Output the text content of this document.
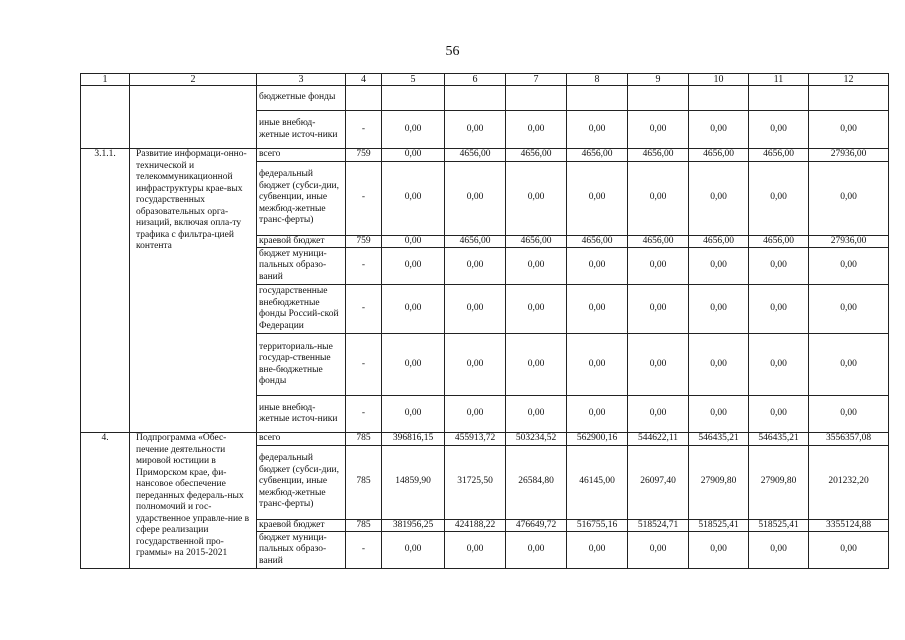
56
1	2	3	4	5	6	7	8	9	10	11	12
		бюджетные фонды									
		иные внебюд-жетные источ-ники	-	0,00	0,00	0,00	0,00	0,00	0,00	0,00	0,00
3.1.1.	Развитие информаци-онно-технической и телекоммуникационной инфраструктуры крае-вых государственных образовательных орга-низаций, включая опла-ту трафика с фильтра-цией контента	всего	759	0,00	4656,00	4656,00	4656,00	4656,00	4656,00	4656,00	27936,00
		федеральный бюджет (субси-дии, субвенции, иные межбюд-жетные транс-ферты)	-	0,00	0,00	0,00	0,00	0,00	0,00	0,00	0,00
		краевой бюджет	759	0,00	4656,00	4656,00	4656,00	4656,00	4656,00	4656,00	27936,00
		бюджет муници-пальных образо-ваний	-	0,00	0,00	0,00	0,00	0,00	0,00	0,00	0,00
		государственные внебюджетные фонды Россий-ской Федерации	-	0,00	0,00	0,00	0,00	0,00	0,00	0,00	0,00
		территориаль-ные государ-ственные вне-бюджетные фонды	-	0,00	0,00	0,00	0,00	0,00	0,00	0,00	0,00
		иные внебюд-жетные источ-ники	-	0,00	0,00	0,00	0,00	0,00	0,00	0,00	0,00
4.	Подпрограмма «Обес-печение деятельности мировой юстиции в Приморском крае, фи-нансовое обеспечение переданных федераль-ных полномочий и гос-ударственное управле-ние в сфере реализации государственной про-граммы» на 2015-2021	всего	785	396816,15	455913,72	503234,52	562900,16	544622,11	546435,21	546435,21	3556357,08
		федеральный бюджет (субси-дии, субвенции, иные межбюд-жетные транс-ферты)	785	14859,90	31725,50	26584,80	46145,00	26097,40	27909,80	27909,80	201232,20
		краевой бюджет	785	381956,25	424188,22	476649,72	516755,16	518524,71	518525,41	518525,41	3355124,88
		бюджет муници-пальных образо-ваний	-	0,00	0,00	0,00	0,00	0,00	0,00	0,00	0,00
